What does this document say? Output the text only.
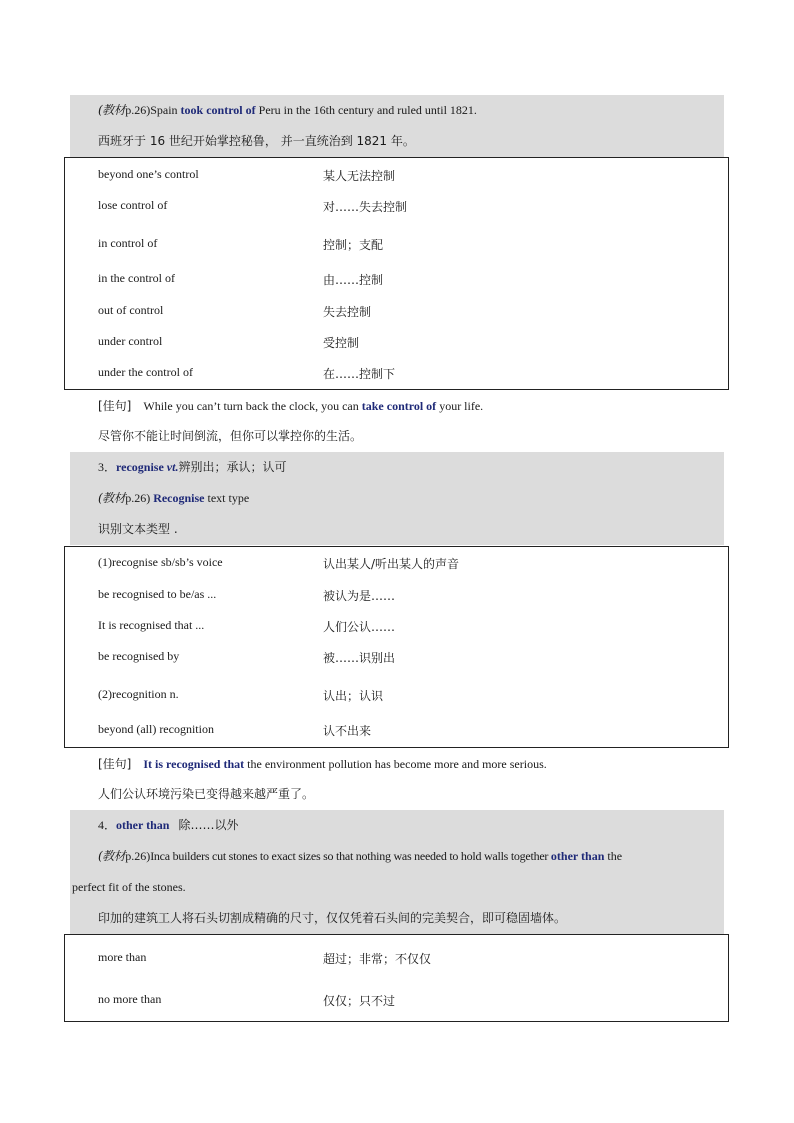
(教材p.26)Spain took control of Peru in the 16th century and ruled until 1821.
西班牙于 16 世纪开始掌控秘鲁， 并一直统治到 1821 年。
beyond one’s control	某人无法控制
lose control of	对……失去控制
in control of	控制；支配
in the control of	由……控制
out of control	失去控制
under control	受控制
under the control of	在……控制下
[佳句] While you can’t turn back the clock, you can take control of your life.
尽管你不能让时间倒流，但你可以掌控你的生活。
3．recognise vt.辨别出；承认；认可
(教材p.26) Recognise text type
识别文本类型 .
(1)recognise sb/sb’s voice	认出某人/听出某人的声音
be recognised to be/as ...	被认为是……
It is recognised that ...	人们公认……
be recognised by	被……识别出
(2)recognition n.	认出；认识
beyond (all) recognition	认不出来
[佳句] It is recognised that the environment pollution has become more and more serious.
人们公认环境污染已变得越来越严重了。
4．other than 除……以外
(教材p.26)Inca builders cut stones to exact sizes so that nothing was needed to hold walls together other than the
perfect fit of the stones.
印加的建筑工人将石头切割成精确的尺寸，仅仅凭着石头间的完美契合，即可稳固墙体。
more than	超过；非常；不仅仅
no more than	仅仅；只不过
